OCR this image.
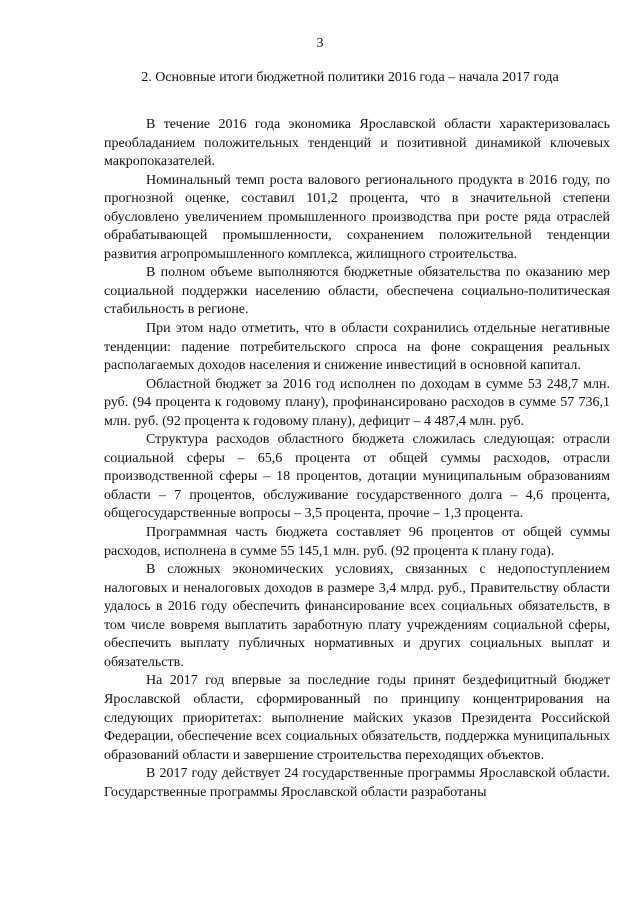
3
2. Основные итоги бюджетной политики 2016 года – начала 2017 года

В течение 2016 года экономика Ярославской области характеризовалась преобладанием положительных тенденций и позитивной динамикой ключевых макропоказателей.

Номинальный темп роста валового регионального продукта в 2016 году, по прогнозной оценке, составил 101,2 процента, что в значительной степени обусловлено увеличением промышленного производства при росте ряда отраслей обрабатывающей промышленности, сохранением положительной тенденции развития агропромышленного комплекса, жилищного строительства.

В полном объеме выполняются бюджетные обязательства по оказанию мер социальной поддержки населению области, обеспечена социально-политическая стабильность в регионе.

При этом надо отметить, что в области сохранились отдельные негативные тенденции: падение потребительского спроса на фоне сокращения реальных располагаемых доходов населения и снижение инвестиций в основной капитал.

Областной бюджет за 2016 год исполнен по доходам в сумме 53 248,7 млн. руб. (94 процента к годовому плану), профинансировано расходов в сумме 57 736,1 млн. руб. (92 процента к годовому плану), дефицит – 4 487,4 млн. руб.

Структура расходов областного бюджета сложилась следующая: отрасли социальной сферы – 65,6 процента от общей суммы расходов, отрасли производственной сферы – 18 процентов, дотации муниципальным образованиям области – 7 процентов, обслуживание государственного долга – 4,6 процента, общегосударственные вопросы – 3,5 процента, прочие – 1,3 процента.

Программная часть бюджета составляет 96 процентов от общей суммы расходов, исполнена в сумме 55 145,1 млн. руб. (92 процента к плану года).

В сложных экономических условиях, связанных с недопоступлением налоговых и неналоговых доходов в размере 3,4 млрд. руб., Правительству области удалось в 2016 году обеспечить финансирование всех социальных обязательств, в том числе вовремя выплатить заработную плату учреждениям социальной сферы, обеспечить выплату публичных нормативных и других социальных выплат и обязательств.

На 2017 год впервые за последние годы принят бездефицитный бюджет Ярославской области, сформированный по принципу концентрирования на следующих приоритетах: выполнение майских указов Президента Российской Федерации, обеспечение всех социальных обязательств, поддержка муниципальных образований области и завершение строительства переходящих объектов.

В 2017 году действует 24 государственные программы Ярославской области. Государственные программы Ярославской области разработаны
